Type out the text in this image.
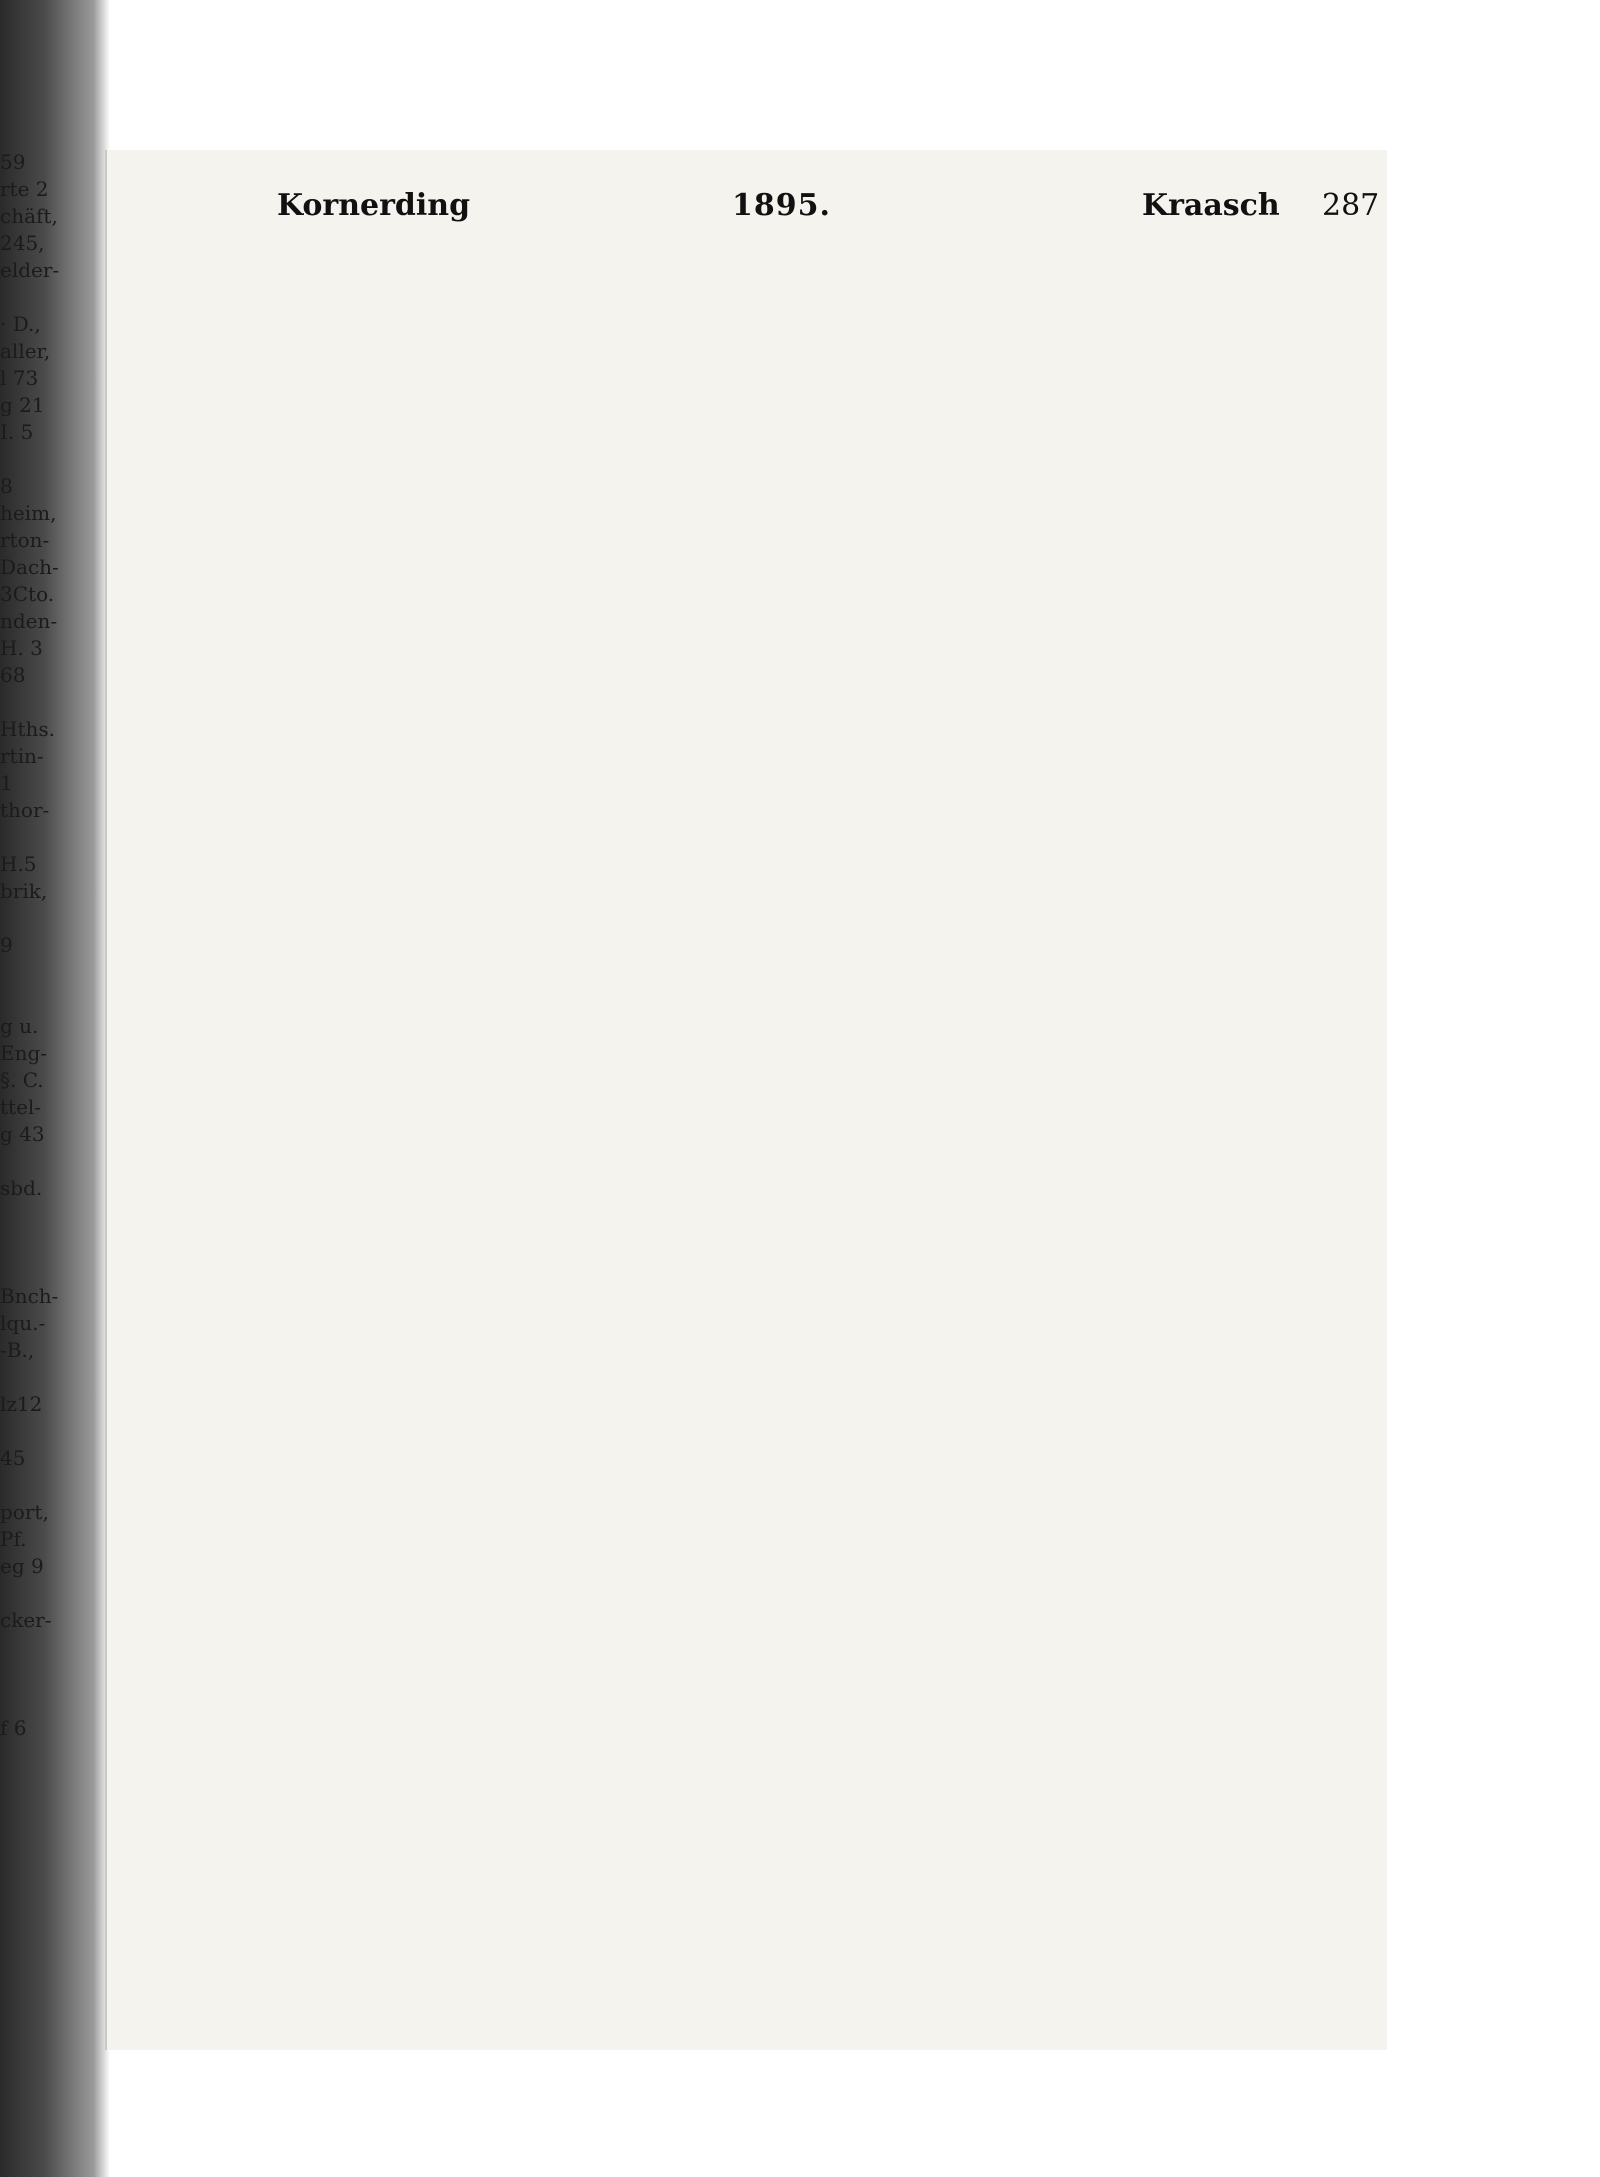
59
rte 2
chäft,
245,
elder-
· D.,
aller,
l 73
g 21
I. 5
8
heim,
rton-
Dach-
3Cto.
nden-
H. 3
68
Hths.
rtin-
1
thor-
H.5
brik,
9
g u.
Eng-
§. C.
ttel-
g 43
sbd.
Bnch-
lqu.-
-B.,
lz12
45
port,
Pf.
eg 9
cker-
f 6
Kornerding	1895.	Kraasch 287
